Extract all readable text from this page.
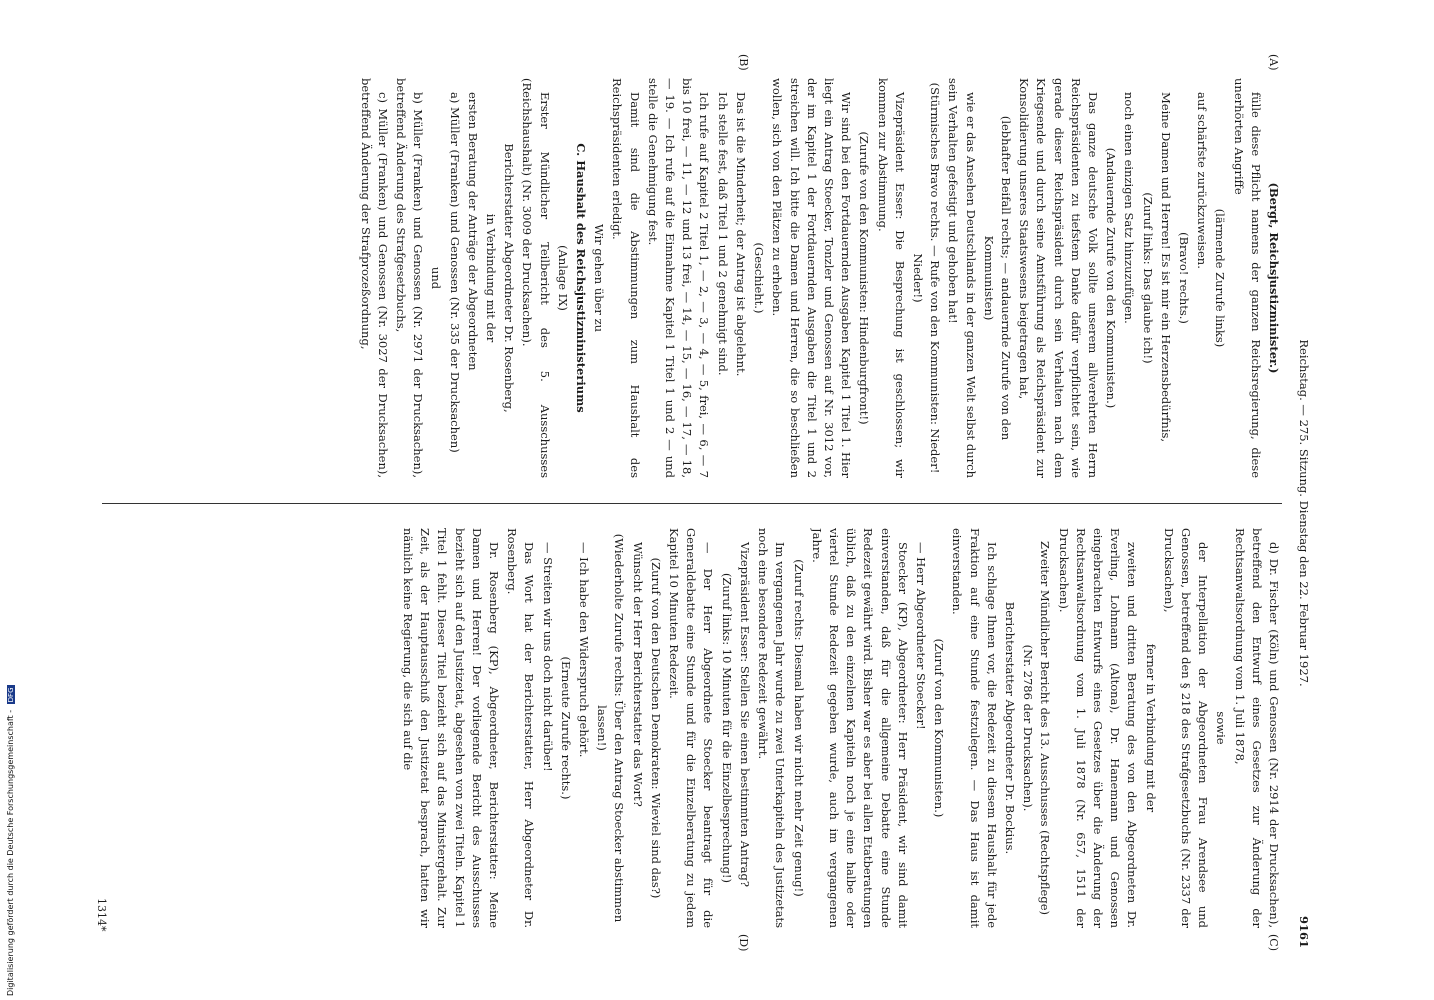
Reichstag. — 275. Sitzung. Dienstag den 22. Februar 1927.
9161
(A)
(B)
(C)
(D)
(Bergt, Reichsjustizminister.)
fülle diese Pflicht namens der ganzen Reichsregierung, diese unerhörten Angriffe
(lärmende Zurufe links)
auf schärfste zurückzuweisen.
(Bravo! rechts.)
Meine Damen und Herren! Es ist mir ein Herzensbedürfnis,
(Zuruf links: Das glaube ich!)
noch einen einzigen Satz hinzuzufügen.
(Andauernde Zurufe von den Kommunisten.)
Das ganze deutsche Volk sollte unserem allverehrten Herrn Reichspräsidenten zu tiefstem Danke dafür verpflichtet sein, wie gerade dieser Reichspräsident durch sein Verhalten nach dem Kriegsende und durch seine Amtsführung als Reichspräsident zur Konsolidierung unseres Staatswesens beigetragen hat,
(lebhafter Beifall rechts; — andauernde Zurufe von den Kommunisten)
wie er das Ansehen Deutschlands in der ganzen Welt selbst durch sein Verhalten gefestigt und gehoben hat!
(Stürmisches Bravo rechts. — Rufe von den Kommunisten: Nieder! Nieder!)
Vizepräsident Esser: Die Besprechung ist geschlossen; wir kommen zur Abstimmung.
(Zurufe von den Kommunisten: Hindenburgfront!)
Wir sind bei den Fortdauernden Ausgaben Kapitel 1 Titel 1. Hier liegt ein Antrag Stoecker, Tonzler und Genossen auf Nr. 3012 vor, der im Kapitel 1 der Fortdauernden Ausgaben die Titel 1 und 2 streichen will. Ich bitte die Damen und Herren, die so beschließen wollen, sich von den Plätzen zu erheben.
(Geschieht.)
Das ist die Minderheit; der Antrag ist abgelehnt.
Ich stelle fest, daß Titel 1 und 2 genehmigt sind.
Ich rufe auf Kapitel 2 Titel 1, — 2, — 3, — 4, — 5, frei, — 6, — 7 bis 10 frei, — 11, — 12 und 13 frei, — 14, — 15, — 16, — 17, — 18, — 19. — Ich rufe auf die Einnahme Kapitel 1 Titel 1 und 2 — und stelle die Genehmigung fest.
Damit sind die Abstimmungen zum Haushalt des Reichspräsidenten erledigt.
Wir gehen über zu
C. Haushalt des Reichsjustizministeriums
(Anlage IX)
Erster Mündlicher Teilbericht des 5. Ausschusses (Reichshaushalt) (Nr. 3009 der Drucksachen).
Berichterstatter Abgeordneter Dr. Rosenberg,
in Verbindung mit der
ersten Beratung der Anträge der Abgeordneten
a) Müller (Franken) und Genossen (Nr. 335 der Drucksachen)
und
b) Müller (Franken) und Genossen (Nr. 2971 der Drucksachen), betreffend Änderung des Strafgesetzbuchs,
c) Müller (Franken) und Genossen (Nr. 3027 der Drucksachen), betreffend Änderung der Strafprozeßordnung,
d) Dr. Fischer (Köln) und Genossen (Nr. 2914 der Drucksachen), betreffend den Entwurf eines Gesetzes zur Änderung der Rechtsanwaltsordnung vom 1. Juli 1878,
sowie
der Interpellation der Abgeordneten Frau Arendsee und Genossen, betreffend den § 218 des Strafgesetzbuchs (Nr. 2337 der Drucksachen),
ferner in Verbindung mit der
zweiten und dritten Beratung des von den Abgeordneten Dr. Everling, Lohmann (Altona), Dr. Hanemann und Genossen eingebrachten Entwurfs eines Gesetzes über die Änderung der Rechtsanwaltsordnung vom 1. Juli 1878 (Nr. 657, 1511 der Drucksachen).
Zweiter Mündlicher Bericht des 13. Ausschusses (Rechtspflege) (Nr. 2786 der Drucksachen).
Berichterstatter Abgeordneter Dr. Bockius.
Ich schlage Ihnen vor, die Redezeit zu diesem Haushalt für jede Fraktion auf eine Stunde festzulegen. — Das Haus ist damit einverstanden.
(Zuruf von den Kommunisten.)
— Herr Abgeordneter Stoecker!
Stoecker (KP), Abgeordneter: Herr Präsident, wir sind damit einverstanden, daß für die allgemeine Debatte eine Stunde Redezeit gewährt wird. Bisher war es aber bei allen Etatberatungen üblich, daß zu den einzelnen Kapiteln noch je eine halbe oder viertel Stunde Redezeit gegeben wurde, auch im vergangenen Jahre.
(Zuruf rechts: Diesmal haben wir nicht mehr Zeit genug!)
Im vergangenen Jahr wurde zu zwei Unterkapiteln des Justizetats noch eine besondere Redezeit gewährt.
Vizepräsident Esser: Stellen Sie einen bestimmten Antrag?
(Zuruf links: 10 Minuten für die Einzelbesprechung!)
— Der Herr Abgeordnete Stoecker beantragt für die Generaldebatte eine Stunde und für die Einzelberatung zu jedem Kapitel 10 Minuten Redezeit.
(Zuruf von den Deutschen Demokraten: Wieviel sind das?)
Wünscht der Herr Berichterstatter das Wort?
(Wiederholte Zurufe rechts: Über den Antrag Stoecker abstimmen lassen!)
— Ich habe den Widerspruch gehört.
(Erneute Zurufe rechts.)
— Streiten wir uns doch nicht darüber!
Das Wort hat der Berichterstatter, Herr Abgeordneter Dr. Rosenberg.
Dr. Rosenberg (KP), Abgeordneter, Berichterstatter: Meine Damen und Herren! Der vorliegende Bericht des Ausschusses bezieht sich auf den Justizetat, abgesehen von zwei Titeln. Kapitel 1 Titel 1 fehlt. Dieser Titel bezieht sich auf das Ministergehalt. Zur Zeit, als der Hauptausschuß den Justizetat besprach, hatten wir nämlich keine Regierung, die sich auf die
1314*
Digitalisierung gefördert durch die Deutsche Forschungsgemeinschaft - DFG
